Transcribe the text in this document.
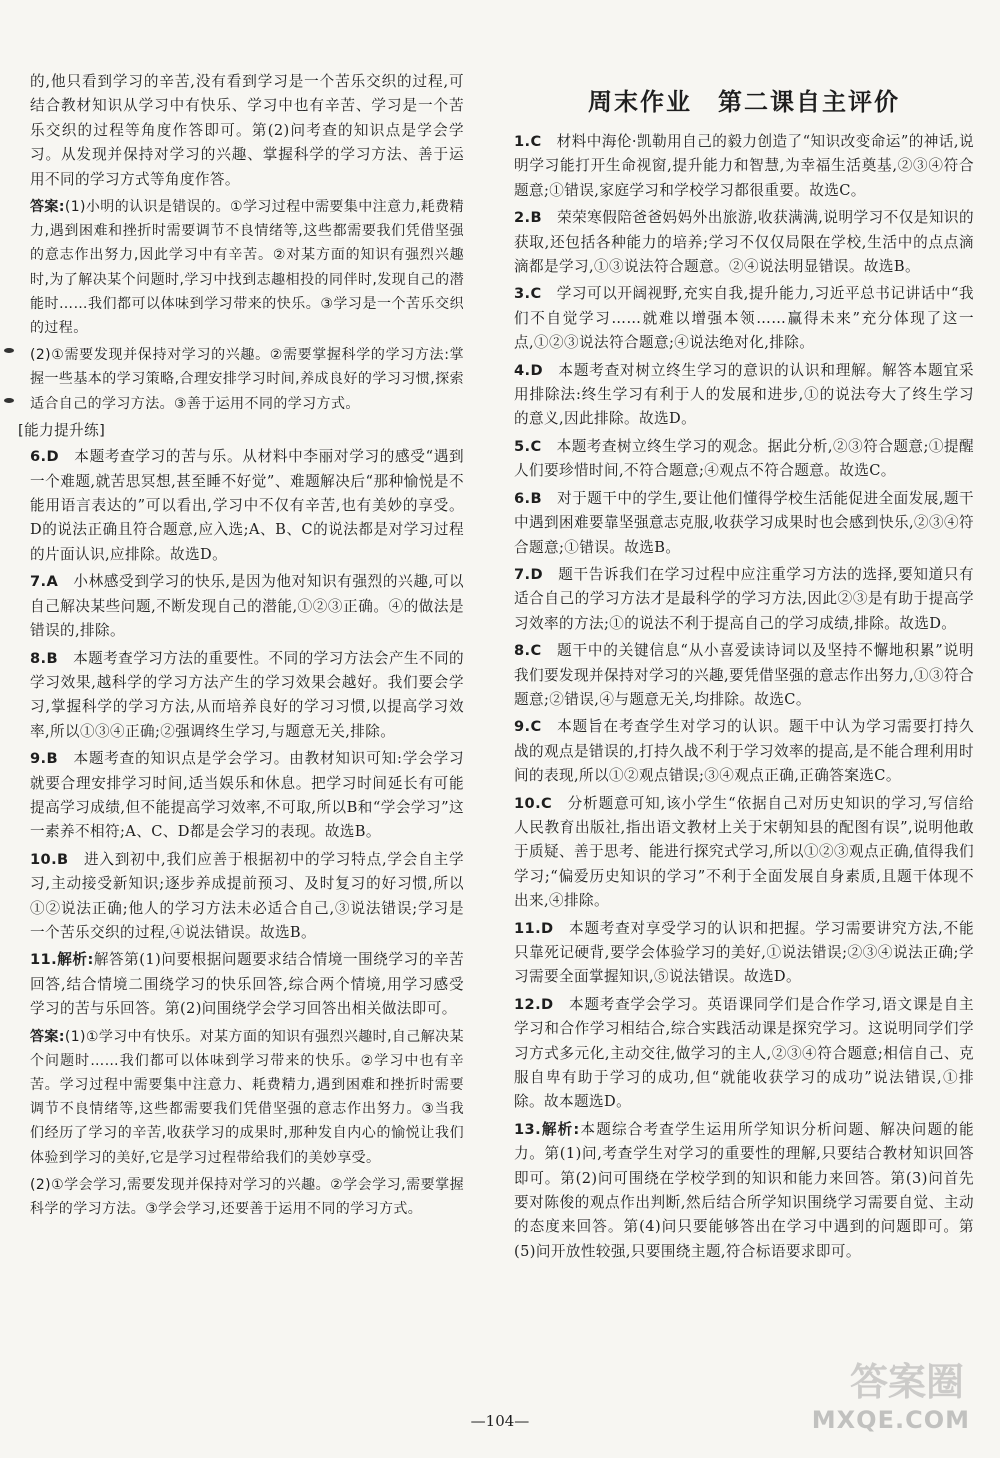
的,他只看到学习的辛苦,没有看到学习是一个苦乐交织的过程,可结合教材知识从学习中有快乐、学习中也有辛苦、学习是一个苦乐交织的过程等角度作答即可。第(2)问考查的知识点是学会学习。从发现并保持对学习的兴趣、掌握科学的学习方法、善于运用不同的学习方式等角度作答。

答案:(1)小明的认识是错误的。①学习过程中需要集中注意力,耗费精力,遇到困难和挫折时需要调节不良情绪等,这些都需要我们凭借坚强的意志作出努力,因此学习中有辛苦。②对某方面的知识有强烈兴趣时,为了解决某个问题时,学习中找到志趣相投的同伴时,发现自己的潜能时……我们都可以体味到学习带来的快乐。③学习是一个苦乐交织的过程。

(2)①需要发现并保持对学习的兴趣。②需要掌握科学的学习方法:掌握一些基本的学习策略,合理安排学习时间,养成良好的学习习惯,探索适合自己的学习方法。③善于运用不同的学习方式。

[能力提升练]

6.D  本题考查学习的苦与乐。从材料中李丽对学习的感受“遇到一个难题,就苦思冥想,甚至睡不好觉”、难题解决后“那种愉悦是不能用语言表达的”可以看出,学习中不仅有辛苦,也有美妙的享受。D的说法正确且符合题意,应入选;A、B、C的说法都是对学习过程的片面认识,应排除。故选D。

7.A  小林感受到学习的快乐,是因为他对知识有强烈的兴趣,可以自己解决某些问题,不断发现自己的潜能,①②③正确。④的做法是错误的,排除。

8.B  本题考查学习方法的重要性。不同的学习方法会产生不同的学习效果,越科学的学习方法产生的学习效果会越好。我们要会学习,掌握科学的学习方法,从而培养良好的学习习惯,以提高学习效率,所以①③④正确;②强调终生学习,与题意无关,排除。

9.B  本题考查的知识点是学会学习。由教材知识可知:学会学习就要合理安排学习时间,适当娱乐和休息。把学习时间延长有可能提高学习成绩,但不能提高学习效率,不可取,所以B和“学会学习”这一素养不相符;A、C、D都是会学习的表现。故选B。

10.B  进入到初中,我们应善于根据初中的学习特点,学会自主学习,主动接受新知识;逐步养成提前预习、及时复习的好习惯,所以①②说法正确;他人的学习方法未必适合自己,③说法错误;学习是一个苦乐交织的过程,④说法错误。故选B。

11.解析:解答第(1)问要根据问题要求结合情境一围绕学习的辛苦回答,结合情境二围绕学习的快乐回答,综合两个情境,用学习感受学习的苦与乐回答。第(2)问围绕学会学习回答出相关做法即可。

答案:(1)①学习中有快乐。对某方面的知识有强烈兴趣时,自己解决某个问题时……我们都可以体味到学习带来的快乐。②学习中也有辛苦。学习过程中需要集中注意力、耗费精力,遇到困难和挫折时需要调节不良情绪等,这些都需要我们凭借坚强的意志作出努力。③当我们经历了学习的辛苦,收获学习的成果时,那种发自内心的愉悦让我们体验到学习的美好,它是学习过程带给我们的美妙享受。

(2)①学会学习,需要发现并保持对学习的兴趣。②学会学习,需要掌握科学的学习方法。③学会学习,还要善于运用不同的学习方式。

周末作业　第二课自主评价

1.C  材料中海伦·凯勒用自己的毅力创造了“知识改变命运”的神话,说明学习能打开生命视窗,提升能力和智慧,为幸福生活奠基,②③④符合题意;①错误,家庭学习和学校学习都很重要。故选C。

2.B  荣荣寒假陪爸爸妈妈外出旅游,收获满满,说明学习不仅是知识的获取,还包括各种能力的培养;学习不仅仅局限在学校,生活中的点点滴滴都是学习,①③说法符合题意。②④说法明显错误。故选B。

3.C  学习可以开阔视野,充实自我,提升能力,习近平总书记讲话中“我们不自觉学习……就难以增强本领……赢得未来”充分体现了这一点,①②③说法符合题意;④说法绝对化,排除。

4.D  本题考查对树立终生学习的意识的认识和理解。解答本题宜采用排除法:终生学习有利于人的发展和进步,①的说法夸大了终生学习的意义,因此排除。故选D。

5.C  本题考查树立终生学习的观念。据此分析,②③符合题意;①提醒人们要珍惜时间,不符合题意;④观点不符合题意。故选C。

6.B  对于题干中的学生,要让他们懂得学校生活能促进全面发展,题干中遇到困难要靠坚强意志克服,收获学习成果时也会感到快乐,②③④符合题意;①错误。故选B。

7.D  题干告诉我们在学习过程中应注重学习方法的选择,要知道只有适合自己的学习方法才是最科学的学习方法,因此②③是有助于提高学习效率的方法;①的说法不利于提高自己的学习成绩,排除。故选D。

8.C  题干中的关键信息“从小喜爱读诗词以及坚持不懈地积累”说明我们要发现并保持对学习的兴趣,要凭借坚强的意志作出努力,①③符合题意;②错误,④与题意无关,均排除。故选C。

9.C  本题旨在考查学生对学习的认识。题干中认为学习需要打持久战的观点是错误的,打持久战不利于学习效率的提高,是不能合理利用时间的表现,所以①②观点错误;③④观点正确,正确答案选C。

10.C  分析题意可知,该小学生“依据自己对历史知识的学习,写信给人民教育出版社,指出语文教材上关于宋朝知县的配图有误”,说明他敢于质疑、善于思考、能进行探究式学习,所以①②③观点正确,值得我们学习;“偏爱历史知识的学习”不利于全面发展自身素质,且题干体现不出来,④排除。

11.D  本题考查对享受学习的认识和把握。学习需要讲究方法,不能只靠死记硬背,要学会体验学习的美好,①说法错误;②③④说法正确;学习需要全面掌握知识,⑤说法错误。故选D。

12.D  本题考查学会学习。英语课同学们是合作学习,语文课是自主学习和合作学习相结合,综合实践活动课是探究学习。这说明同学们学习方式多元化,主动交往,做学习的主人,②③④符合题意;相信自己、克服自卑有助于学习的成功,但“就能收获学习的成功”说法错误,①排除。故本题选D。

13.解析:本题综合考查学生运用所学知识分析问题、解决问题的能力。第(1)问,考查学生对学习的重要性的理解,只要结合教材知识回答即可。第(2)问可围绕在学校学到的知识和能力来回答。第(3)问首先要对陈俊的观点作出判断,然后结合所学知识围绕学习需要自觉、主动的态度来回答。第(4)问只要能够答出在学习中遇到的问题即可。第(5)问开放性较强,只要围绕主题,符合标语要求即可。

—104—
答案圈
MXQE.COM
